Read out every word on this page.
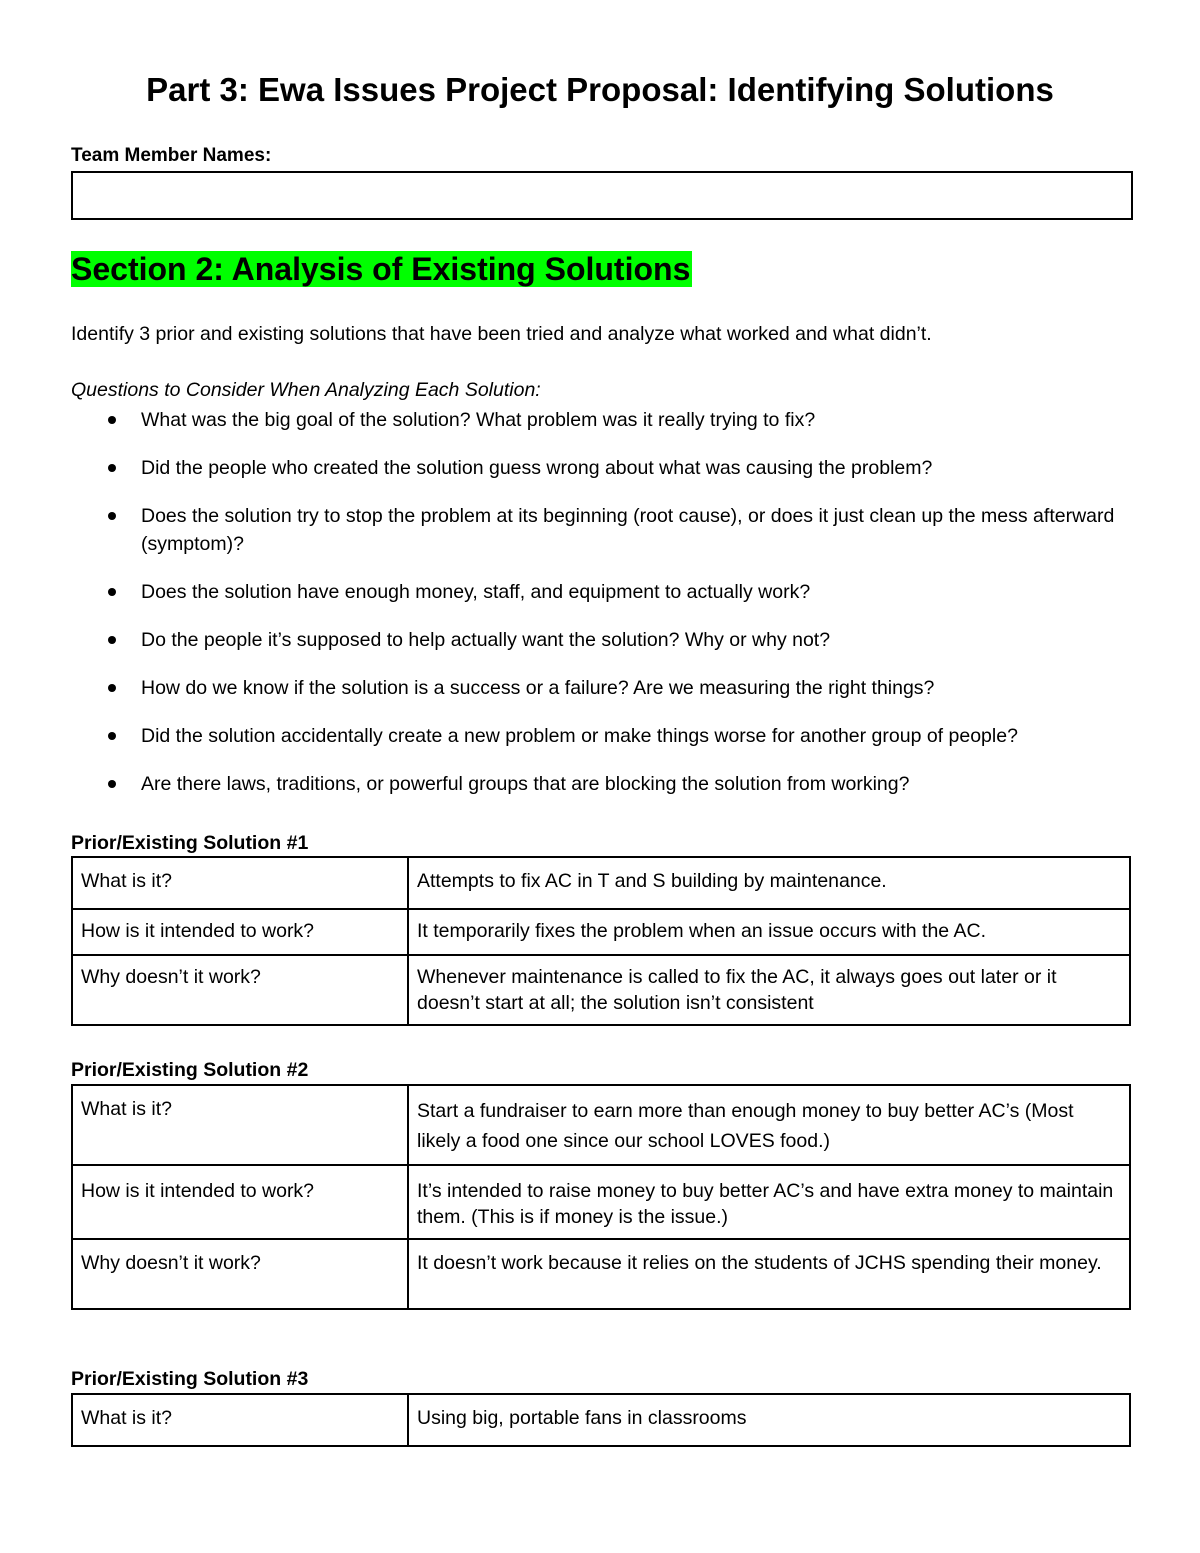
Part 3: Ewa Issues Project Proposal: Identifying Solutions

Team Member Names:

Section 2: Analysis of Existing Solutions

Identify 3 prior and existing solutions that have been tried and analyze what worked and what didn’t.

Questions to Consider When Analyzing Each Solution:

What was the big goal of the solution? What problem was it really trying to fix?
Did the people who created the solution guess wrong about what was causing the problem?
Does the solution try to stop the problem at its beginning (root cause), or does it just clean up the mess afterward (symptom)?
Does the solution have enough money, staff, and equipment to actually work?
Do the people it’s supposed to help actually want the solution? Why or why not?
How do we know if the solution is a success or a failure? Are we measuring the right things?
Did the solution accidentally create a new problem or make things worse for another group of people?
Are there laws, traditions, or powerful groups that are blocking the solution from working?

Prior/Existing Solution #1

What is it?	Attempts to fix AC in T and S building by maintenance.
How is it intended to work?	It temporarily fixes the problem when an issue occurs with the AC.
Why doesn’t it work?	Whenever maintenance is called to fix the AC, it always goes out later or it doesn’t start at all; the solution isn’t consistent

Prior/Existing Solution #2

What is it?	Start a fundraiser to earn more than enough money to buy better AC’s (Most likely a food one since our school LOVES food.)
How is it intended to work?	It’s intended to raise money to buy better AC’s and have extra money to maintain them. (This is if money is the issue.)
Why doesn’t it work?	It doesn’t work because it relies on the students of JCHS spending their money.

Prior/Existing Solution #3

What is it?	Using big, portable fans in classrooms
